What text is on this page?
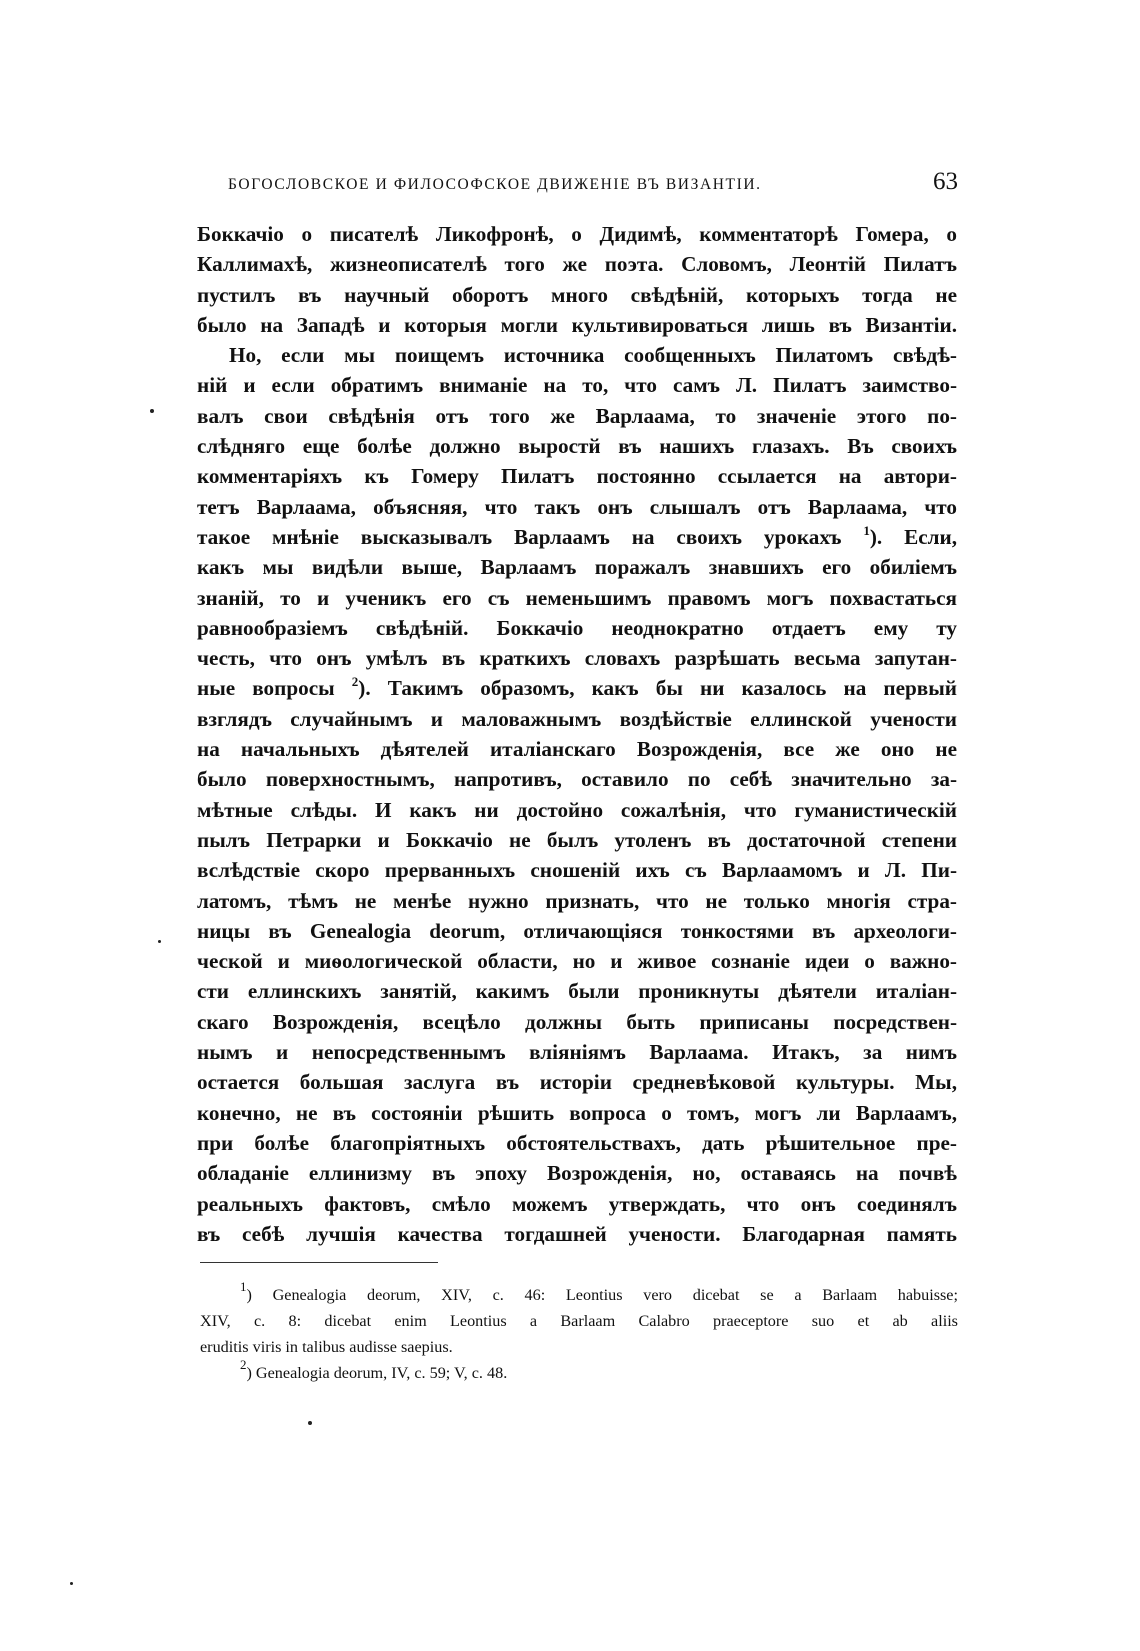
БОГОСЛОВСКОЕ И ФИЛОСОФСКОЕ ДВИЖЕНІЕ ВЪ ВИЗАНТІИ.	63
Боккачіо о писателѣ Ликофронѣ, о Дидимѣ, комментаторѣ Гомера, о
Каллимахѣ, жизнеописателѣ того же поэта. Словомъ, Леонтій Пилатъ
пустилъ въ научный оборотъ много свѣдѣній, которыхъ тогда не
было на Западѣ и которыя могли культивироваться лишь въ Византіи.
Но, если мы поищемъ источника сообщенныхъ Пилатомъ свѣдѣ-
ній и если обратимъ вниманіе на то, что самъ Л. Пилатъ заимство-
валъ свои свѣдѣнія отъ того же Варлаама, то значеніе этого по-
слѣдняго еще болѣе должно выростй въ нашихъ глазахъ. Въ своихъ
комментаріяхъ къ Гомеру Пилатъ постоянно ссылается на автори-
тетъ Варлаама, объясняя, что такъ онъ слышалъ отъ Варлаама, что
такое мнѣніе высказывалъ Варлаамъ на своихъ урокахъ $^1$). Если,
какъ мы видѣли выше, Варлаамъ поражалъ знавшихъ его обиліемъ
знаній, то и ученикъ его съ неменьшимъ правомъ могъ похвастаться
равнообразіемъ свѣдѣній. Боккачіо неоднократно отдаетъ ему ту
честь, что онъ умѣлъ въ краткихъ словахъ разрѣшать весьма запутан-
ные вопросы $^2$). Такимъ образомъ, какъ бы ни казалось на первый
взглядъ случайнымъ и маловажнымъ воздѣйствіе еллинской учености
на начальныхъ дѣятелей италіанскаго Возрожденія, все же оно не
было поверхностнымъ, напротивъ, оставило по себѣ значительно за-
мѣтные слѣды. И какъ ни достойно сожалѣнія, что гуманистическій
пылъ Петрарки и Боккачіо не былъ утоленъ въ достаточной степени
вслѣдствіе скоро прерванныхъ сношеній ихъ съ Варлаамомъ и Л. Пи-
латомъ, тѣмъ не менѣе нужно признать, что не только многія стра-
ницы въ Genealogia deorum, отличающіяся тонкостями въ археологи-
ческой и миѳологической области, но и живое сознаніе идеи о важно-
сти еллинскихъ занятій, какимъ были проникнуты дѣятели италіан-
скаго Возрожденія, всецѣло должны быть приписаны посредствен-
нымъ и непосредственнымъ вліяніямъ Варлаама. Итакъ, за нимъ
остается большая заслуга въ исторіи средневѣковой культуры. Мы,
конечно, не въ состояніи рѣшить вопроса о томъ, могъ ли Варлаамъ,
при болѣе благопріятныхъ обстоятельствахъ, дать рѣшительное пре-
обладаніе еллинизму въ эпоху Возрожденія, но, оставаясь на почвѣ
реальныхъ фактовъ, смѣло можемъ утверждать, что онъ соединялъ
въ себѣ лучшія качества тогдашней учености. Благодарная память
$^1$) Genealogia deorum, XIV, c. 46: Leontius vero dicebat se a Barlaam habuisse;
XIV, c. 8: dicebat enim Leontius a Barlaam Calabro praeceptore suo et ab aliis
eruditis viris in talibus audisse saepius.
$^2$) Genealogia deorum, IV, c. 59; V, c. 48.
